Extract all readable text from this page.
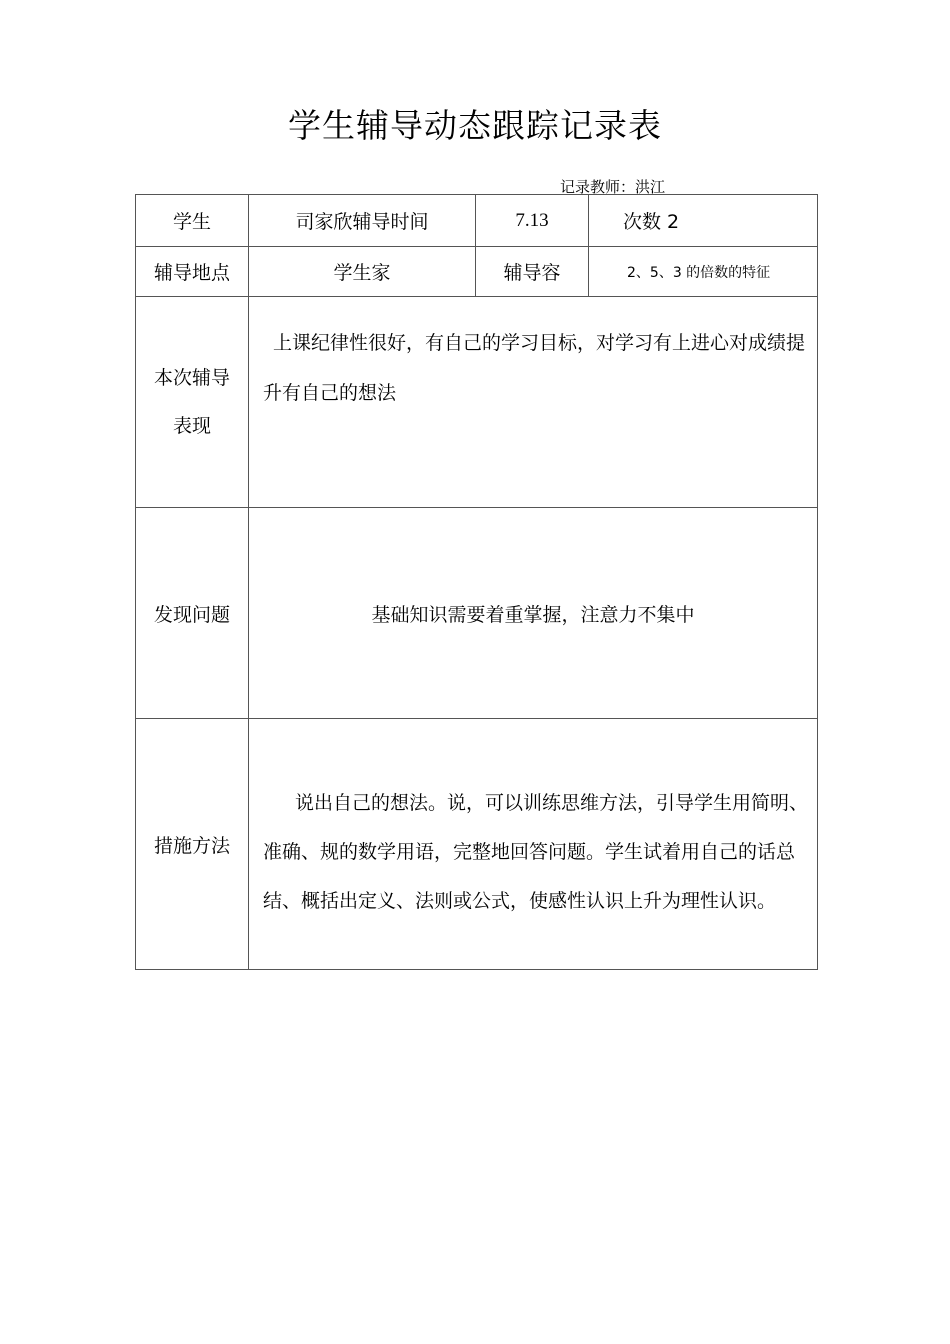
学生辅导动态跟踪记录表
记录教师：洪江
学生	司家欣辅导时间	7.13	次数 2
辅导地点	学生家	辅导容	2、5、3 的倍数的特征

本次辅导
表现	上课纪律性很好，有自己的学习目标，对学习有上进心对成绩提升有自己的想法		

发现问题	基础知识需要着重掌握，注意力不集中		
措施方法	说出自己的想法。说，可以训练思维方法，引导学生用简明、准确、规的数学用语，完整地回答问题。学生试着用自己的话总结、概括出定义、法则或公式，使感性认识上升为理性认识。		
